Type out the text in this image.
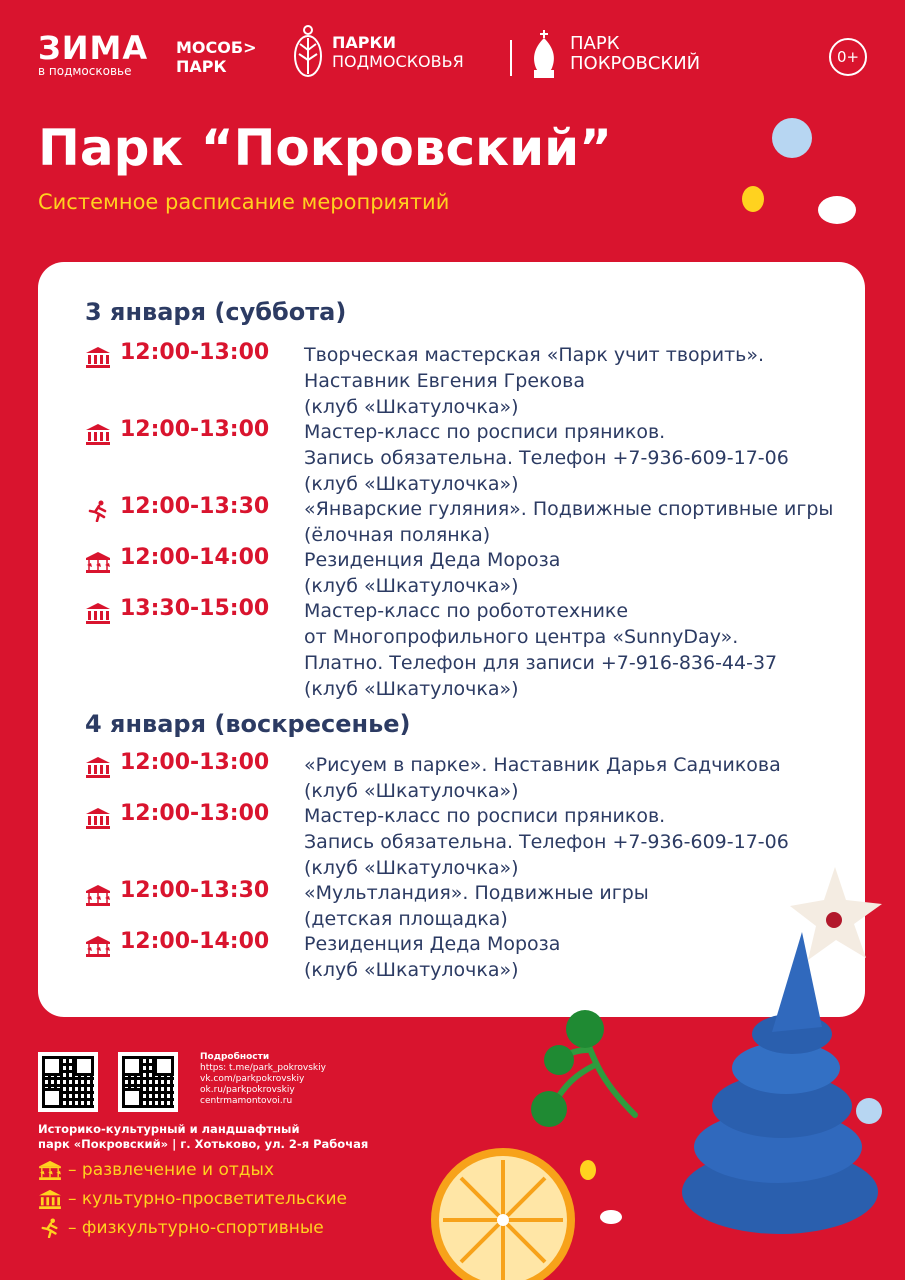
ЗИМА
в подмосковье
МОСОБ>
ПАРК
ПАРКИ
ПОДМОСКОВЬЯ
ПАРК
ПОКРОВСКИЙ	0+
Парк “Покровский”
Системное расписание мероприятий
3 января (суббота)
12:00-13:00 Творческая мастерская «Парк учит творить».
Наставник Евгения Грекова
(клуб «Шкатулочка»)
12:00-13:00 Мастер-класс по росписи пряников.
Запись обязательна. Телефон +7-936-609-17-06
(клуб «Шкатулочка»)
12:00-13:30 «Январские гуляния». Подвижные спортивные игры
(ёлочная полянка)
12:00-14:00 Резиденция Деда Мороза
(клуб «Шкатулочка»)
13:30-15:00 Мастер-класс по робототехнике
от Многопрофильного центра «SunnyDay».
Платно. Телефон для записи +7-916-836-44-37
(клуб «Шкатулочка»)
4 января (воскресенье)
12:00-13:00 «Рисуем в парке». Наставник Дарья Садчикова
(клуб «Шкатулочка»)
12:00-13:00 Мастер-класс по росписи пряников.
Запись обязательна. Телефон +7-936-609-17-06
(клуб «Шкатулочка»)
12:00-13:30 «Мультландия». Подвижные игры
(детская площадка)
12:00-14:00 Резиденция Деда Мороза
(клуб «Шкатулочка»)
Подробности
https: t.me/park_pokrovskiy
vk.com/parkpokrovskiy
ok.ru/parkpokrovskiy
centrmamontovoi.ru
Историко-культурный и ландшафтный
парк «Покровский» | г. Хотьково, ул. 2-я Рабочая
– развлечение и отдых
– культурно-просветительские
– физкультурно-спортивные
